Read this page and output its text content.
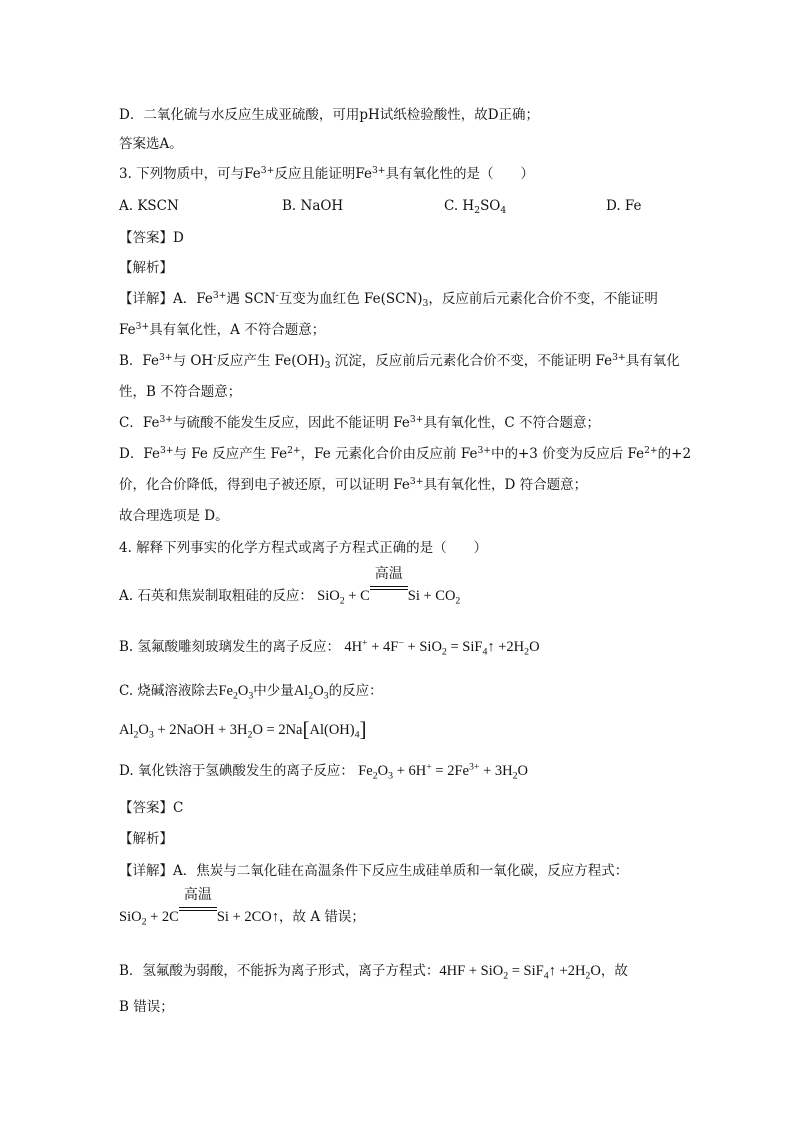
D．二氧化硫与水反应生成亚硫酸，可用pH试纸检验酸性，故D正确；
答案选A。
3. 下列物质中，可与$Fe^{3+}$反应且能证明$Fe^{3+}$具有氧化性的是（　　）
A. KSCN	B. NaOH	C. $H_2SO_4$	D. Fe
【答案】D
【解析】
【详解】A．$Fe^{3+}$遇 SCN-互变为血红色 $Fe(SCN)_3$，反应前后元素化合价不变，不能证明
$Fe^{3+}$具有氧化性，A 不符合题意；
B．$Fe^{3+}$与 OH-反应产生 $Fe(OH)_3$ 沉淀，反应前后元素化合价不变，不能证明 $Fe^{3+}$具有氧化
性，B 不符合题意；
C．$Fe^{3+}$与硫酸不能发生反应，因此不能证明 $Fe^{3+}$具有氧化性，C 不符合题意；
D．$Fe^{3+}$与 Fe 反应产生 $Fe^{2+}$，Fe 元素化合价由反应前 $Fe^{3+}$中的+3 价变为反应后 $Fe^{2+}$的+2
价，化合价降低，得到电子被还原，可以证明 $Fe^{3+}$具有氧化性，D 符合题意；
故合理选项是 D。
4. 解释下列事实的化学方程式或离子方程式正确的是（　　）
A. 石英和焦炭制取粗硅的反应： SiO$_2$ + C
高温
$Si + CO_2$
B. 氢氟酸雕刻玻璃发生的离子反应： 4H+ + 4F− + SiO$_2$ = SiF$_4$↑ $+2H_2O$
C. 烧碱溶液除去$Fe_2O_3$中少量$Al_2O_3$的反应：
$Al_2O_3$ + 2NaOH + $3H_2O = 2Na[Al(OH)_4]$
D. 氧化铁溶于氢碘酸发生的离子反应： $Fe_2O_3 + 6H^+ = 2Fe^{3+} + 3H_2O$
【答案】C
【解析】
【详解】A．焦炭与二氧化硅在高温条件下反应生成硅单质和一氧化碳，反应方程式：
SiO$_2$ + 2C
高温
Si + 2CO↑，故 A 错误；
B．氢氟酸为弱酸，不能拆为离子形式，离子方程式：4HF + SiO$_2$ = SiF$_4$↑ $+2H_2O$，故
B 错误；
